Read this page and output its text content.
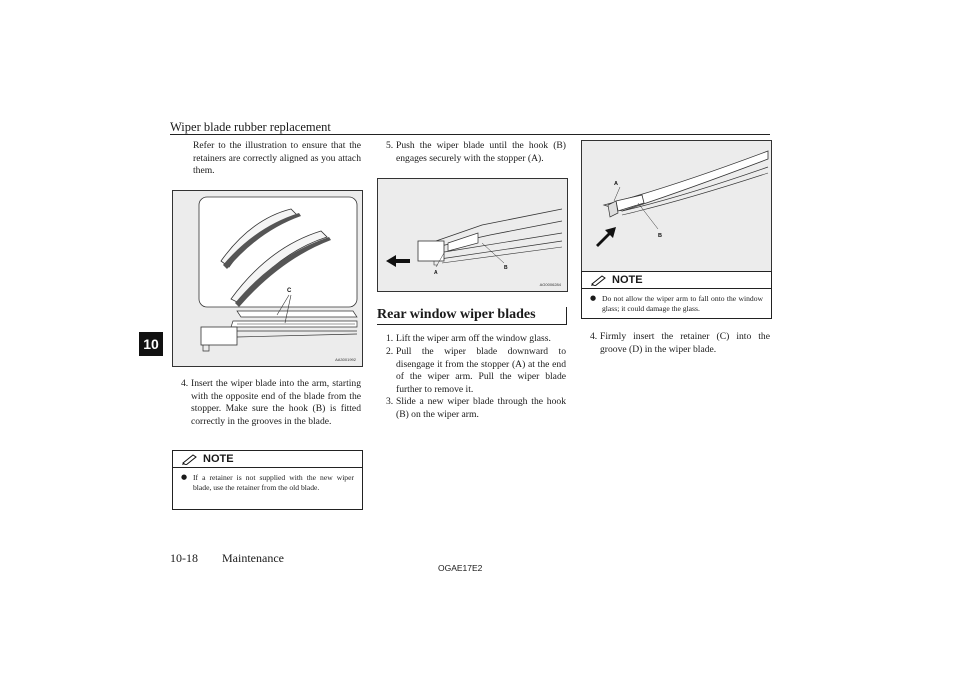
Wiper blade rubber replacement
10
Refer to the illustration to ensure that the retainers are correctly aligned as you attach them.
C
AA3001992
4. Insert the wiper blade into the arm, starting with the opposite end of the blade from the stopper. Make sure the hook (B) is fitted correctly in the grooves in the blade.
NOTE
● If a retainer is not supplied with the new wiper blade, use the retainer from the old blade.
5. Push the wiper blade until the hook (B) engages securely with the stopper (A).
A
B
AG0006284
Rear window wiper blades
1. Lift the wiper arm off the window glass.
2. Pull the wiper blade downward to disengage it from the stopper (A) at the end of the wiper arm. Pull the wiper blade further to remove it.
3. Slide a new wiper blade through the hook (B) on the wiper arm.
A
B
NOTE
● Do not allow the wiper arm to fall onto the window glass; it could damage the glass.
4. Firmly insert the retainer (C) into the groove (D) in the wiper blade.
10-18 Maintenance
OGAE17E2
